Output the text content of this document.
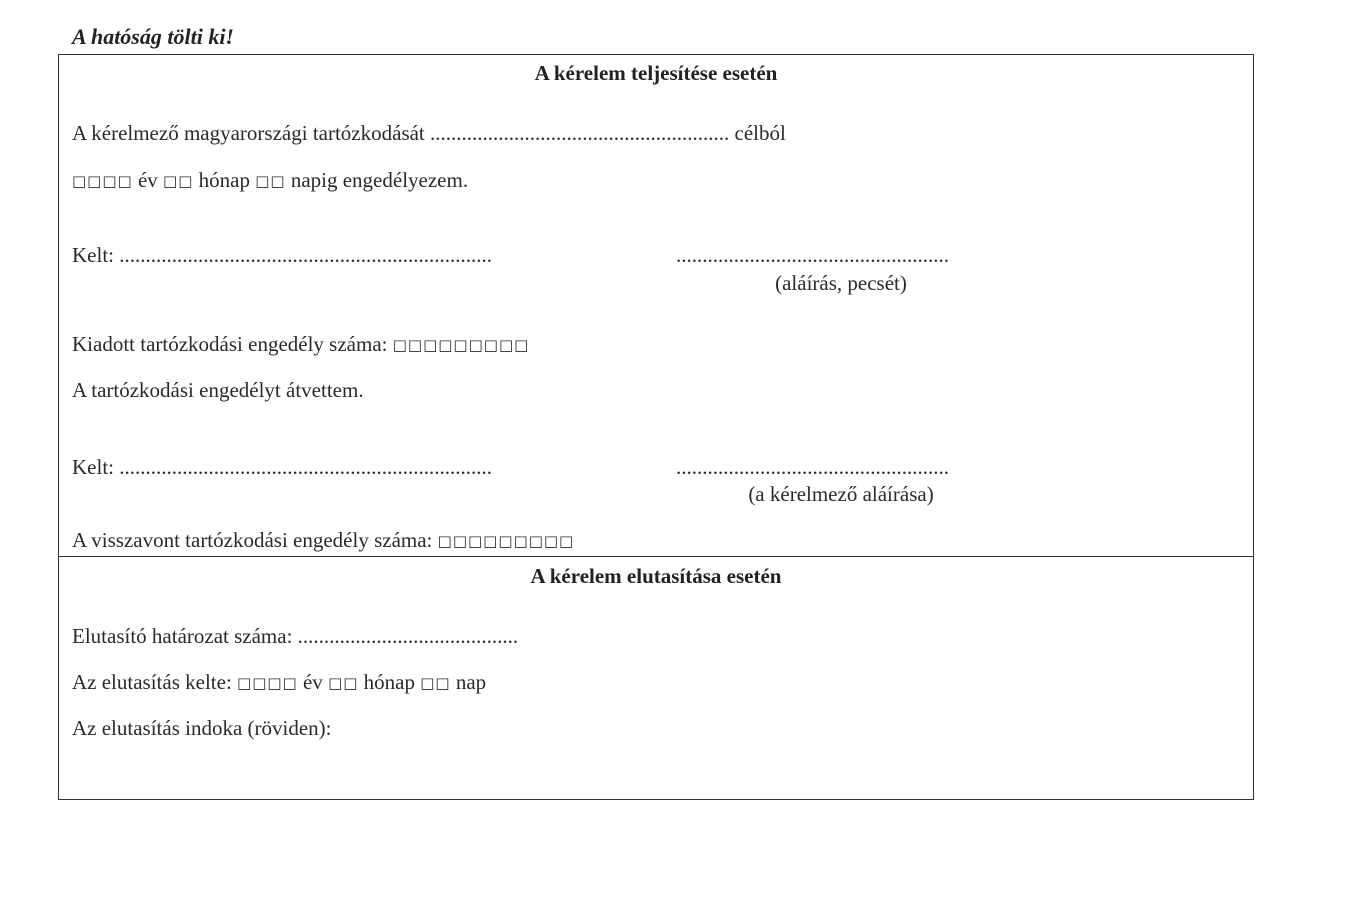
A hatóság tölti ki!
A kérelem teljesítése esetén
A kérelmező magyarországi tartózkodását ......................................................... célból
□□□□ év □□ hónap □□ napig engedélyezem.
Kelt: .......................................................................	....................................................
(aláírás, pecsét)
Kiadott tartózkodási engedély száma: □□□□□□□□□
A tartózkodási engedélyt átvettem.
Kelt: .......................................................................	....................................................
(a kérelmező aláírása)
A visszavont tartózkodási engedély száma: □□□□□□□□□
A kérelem elutasítása esetén
Elutasító határozat száma: ..........................................
Az elutasítás kelte: □□□□ év □□ hónap □□ nap
Az elutasítás indoka (röviden):
